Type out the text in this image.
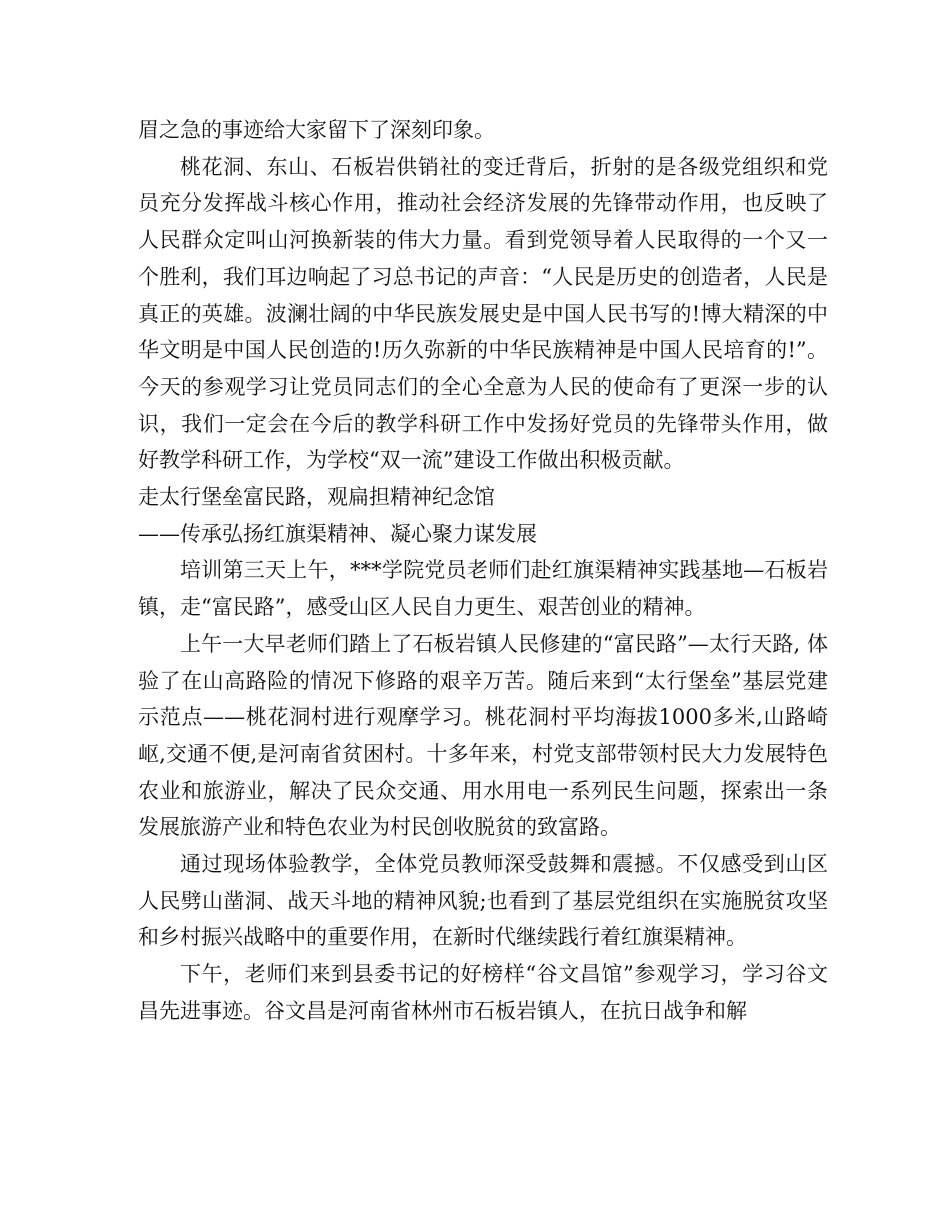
眉之急的事迹给大家留下了深刻印象。

桃花洞、东山、石板岩供销社的变迁背后，折射的是各级党组织和党员充分发挥战斗核心作用，推动社会经济发展的先锋带动作用，也反映了人民群众定叫山河换新装的伟大力量。看到党领导着人民取得的一个又一个胜利，我们耳边响起了习总书记的声音：“人民是历史的创造者，人民是真正的英雄。波澜壮阔的中华民族发展史是中国人民书写的!博大精深的中华文明是中国人民创造的!历久弥新的中华民族精神是中国人民培育的!”。今天的参观学习让党员同志们的全心全意为人民的使命有了更深一步的认识，我们一定会在今后的教学科研工作中发扬好党员的先锋带头作用，做好教学科研工作，为学校“双一流”建设工作做出积极贡献。

走太行堡垒富民路，观扁担精神纪念馆
——传承弘扬红旗渠精神、凝心聚力谋发展

培训第三天上午，***学院党员老师们赴红旗渠精神实践基地—石板岩镇，走“富民路”，感受山区人民自力更生、艰苦创业的精神。

上午一大早老师们踏上了石板岩镇人民修建的“富民路”—太行天路, 体验了在山高路险的情况下修路的艰辛万苦。随后来到“太行堡垒”基层党建示范点——桃花洞村进行观摩学习。桃花洞村平均海拔1000多米,山路崎岖,交通不便,是河南省贫困村。十多年来，村党支部带领村民大力发展特色农业和旅游业，解决了民众交通、用水用电一系列民生问题，探索出一条发展旅游产业和特色农业为村民创收脱贫的致富路。

通过现场体验教学，全体党员教师深受鼓舞和震撼。不仅感受到山区人民劈山凿洞、战天斗地的精神风貌;也看到了基层党组织在实施脱贫攻坚和乡村振兴战略中的重要作用，在新时代继续践行着红旗渠精神。

下午，老师们来到县委书记的好榜样“谷文昌馆”参观学习，学习谷文昌先进事迹。谷文昌是河南省林州市石板岩镇人，在抗日战争和解
